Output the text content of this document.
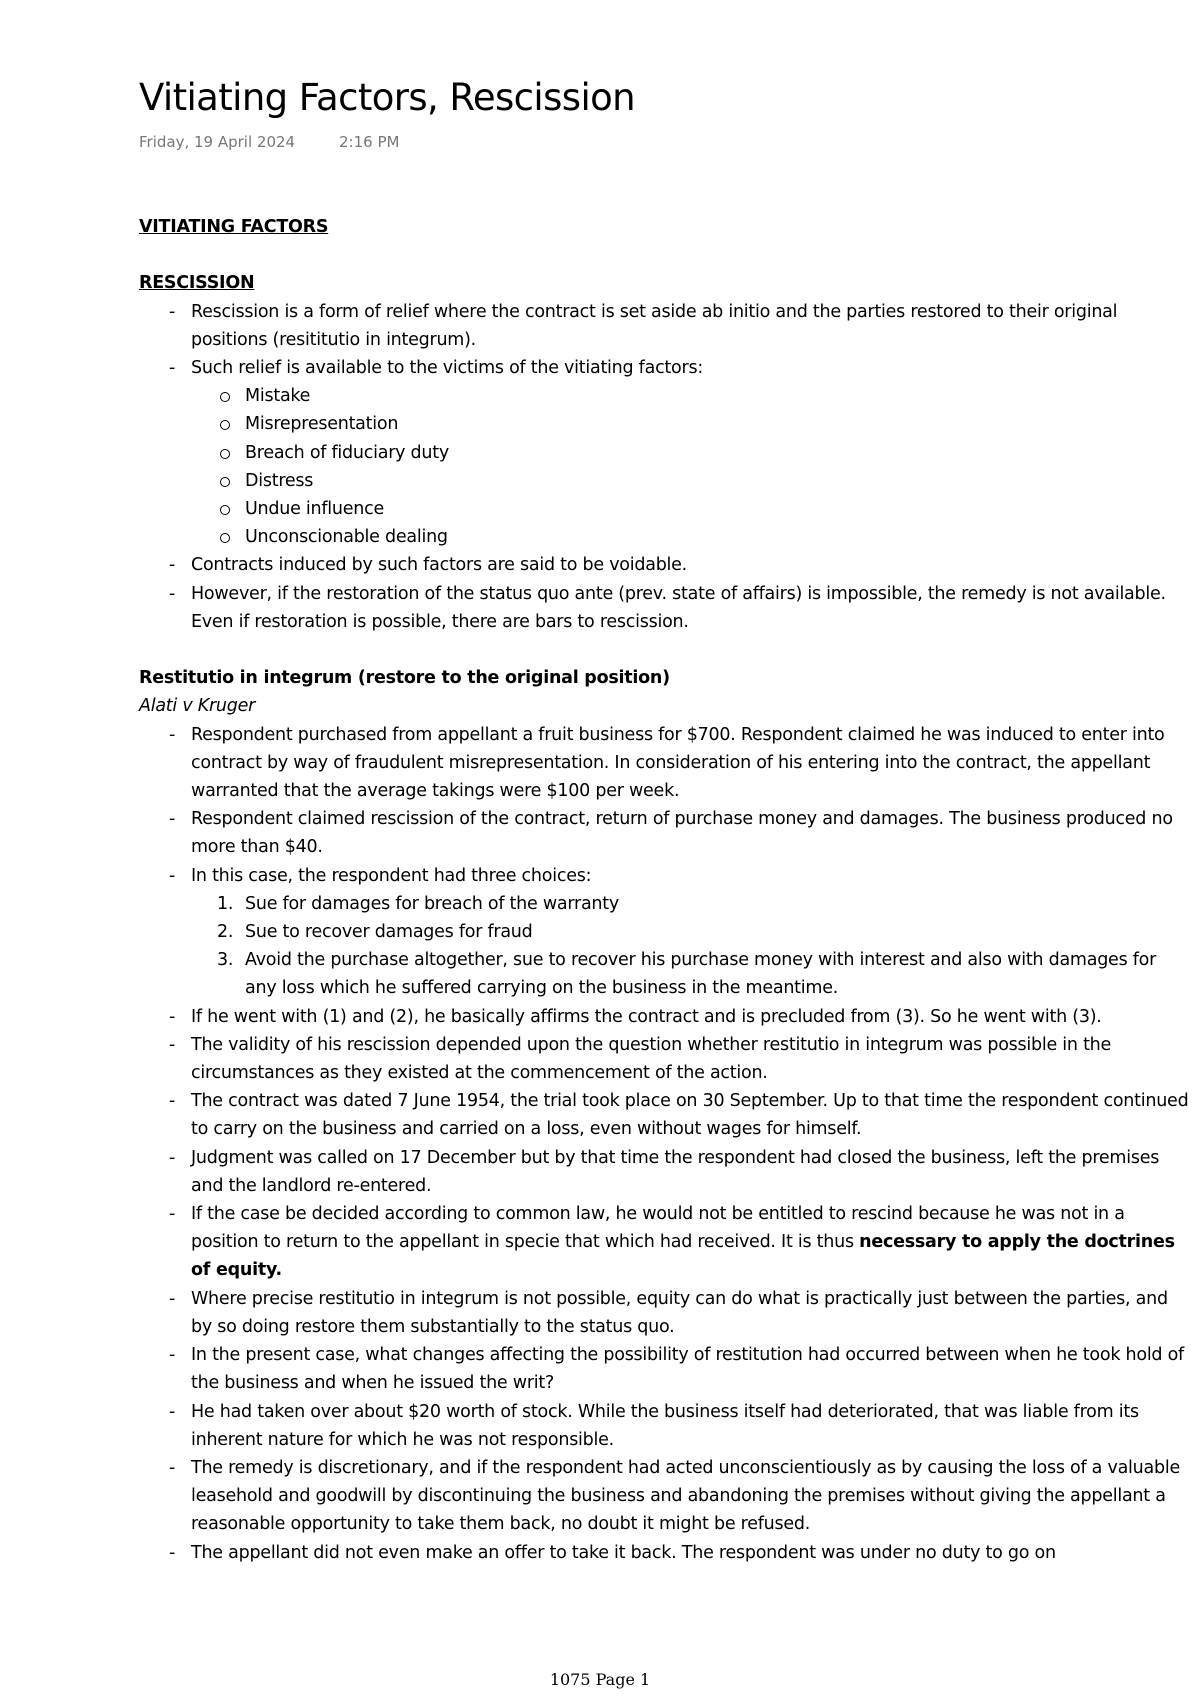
Vitiating Factors, Rescission
Friday, 19 April 2024	2:16 PM

VITIATING FACTORS

RESCISSION

- Rescission is a form of relief where the contract is set aside ab initio and the parties restored to their original positions (resititutio in integrum).
- Such relief is available to the victims of the vitiating factors:
Mistake
Misrepresentation
Breach of fiduciary duty
Distress
Undue influence
Unconscionable dealing
- Contracts induced by such factors are said to be voidable.
- However, if the restoration of the status quo ante (prev. state of affairs) is impossible, the remedy is not available. Even if restoration is possible, there are bars to rescission.

Restitutio in integrum (restore to the original position)

Alati v Kruger

- Respondent purchased from appellant a fruit business for $700. Respondent claimed he was induced to enter into contract by way of fraudulent misrepresentation. In consideration of his entering into the contract, the appellant warranted that the average takings were $100 per week.
- Respondent claimed rescission of the contract, return of purchase money and damages. The business produced no more than $40.
- In this case, the respondent had three choices:
1. Sue for damages for breach of the warranty
2. Sue to recover damages for fraud
3. Avoid the purchase altogether, sue to recover his purchase money with interest and also with damages for any loss which he suffered carrying on the business in the meantime.
- If he went with (1) and (2), he basically affirms the contract and is precluded from (3). So he went with (3).
- The validity of his rescission depended upon the question whether restitutio in integrum was possible in the circumstances as they existed at the commencement of the action.
- The contract was dated 7 June 1954, the trial took place on 30 September. Up to that time the respondent continued to carry on the business and carried on a loss, even without wages for himself.
- Judgment was called on 17 December but by that time the respondent had closed the business, left the premises and the landlord re-entered.
- If the case be decided according to common law, he would not be entitled to rescind because he was not in a position to return to the appellant in specie that which had received. It is thus necessary to apply the doctrines of equity.
- Where precise restitutio in integrum is not possible, equity can do what is practically just between the parties, and by so doing restore them substantially to the status quo.
- In the present case, what changes affecting the possibility of restitution had occurred between when he took hold of the business and when he issued the writ?
- He had taken over about $20 worth of stock. While the business itself had deteriorated, that was liable from its inherent nature for which he was not responsible.
- The remedy is discretionary, and if the respondent had acted unconscientiously as by causing the loss of a valuable leasehold and goodwill by discontinuing the business and abandoning the premises without giving the appellant a reasonable opportunity to take them back, no doubt it might be refused.
- The appellant did not even make an offer to take it back. The respondent was under no duty to go on
1075 Page 1
